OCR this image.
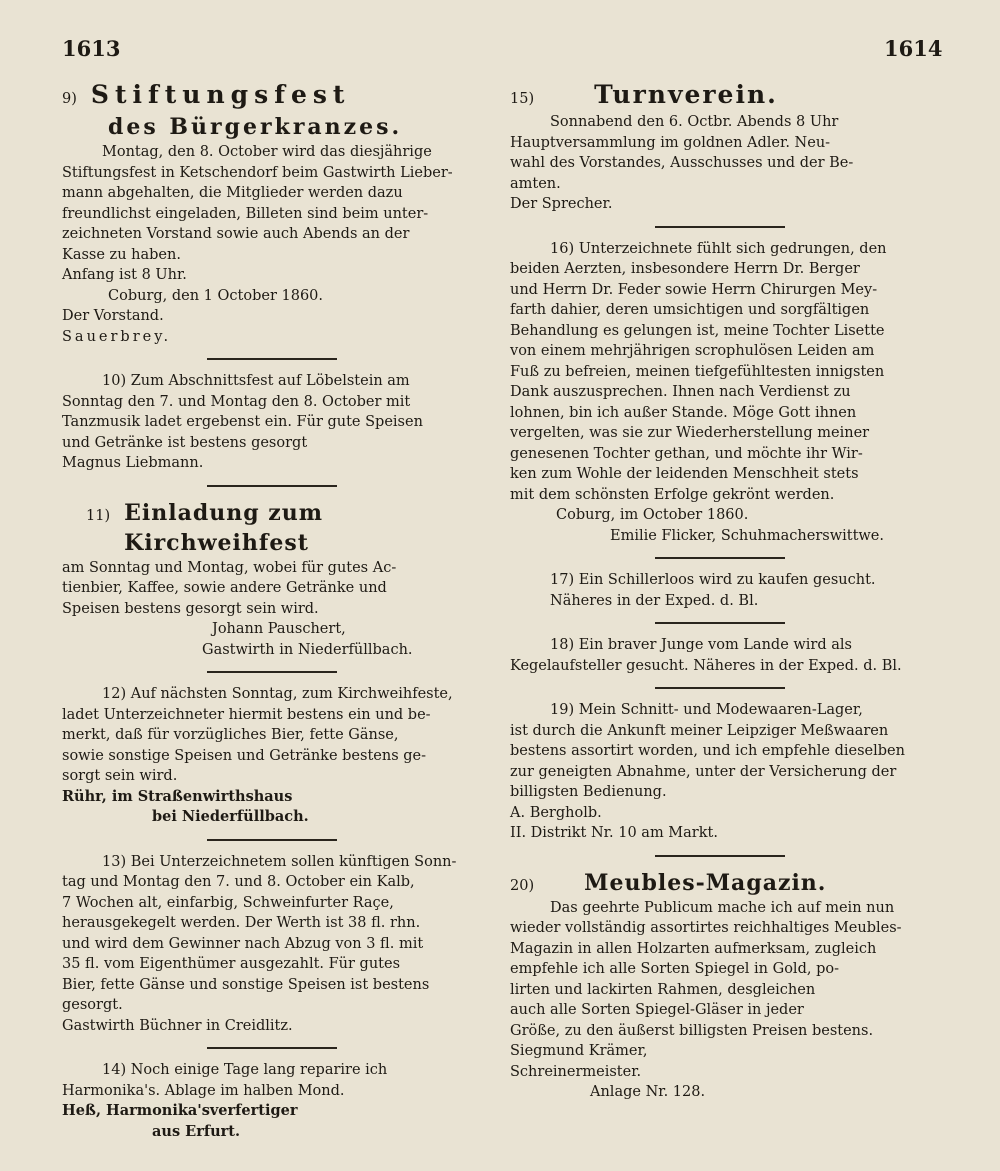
1613	1614
9) Stiftungsfest
des Bürgerkranzes.

Montag, den 8. October wird das diesjährige

Stiftungsfest in Ketschendorf beim Gastwirth Lieber-

mann abgehalten, die Mitglieder werden dazu

freundlichst eingeladen, Billeten sind beim unter-

zeichneten Vorstand sowie auch Abends an der

Kasse zu haben.

Anfang ist 8 Uhr.

Coburg, den 1 October 1860.

Der Vorstand.

Sauerbrey.

10) Zum Abschnittsfest auf Löbelstein am

Sonntag den 7. und Montag den 8. October mit

Tanzmusik ladet ergebenst ein. Für gute Speisen

und Getränke ist bestens gesorgt

Magnus Liebmann.

11) Einladung zum Kirchweihfest

am Sonntag und Montag, wobei für gutes Ac-

tienbier, Kaffee, sowie andere Getränke und

Speisen bestens gesorgt sein wird.

Johann Pauschert,

Gastwirth in Niederfüllbach.

12) Auf nächsten Sonntag, zum Kirchweihfeste,

ladet Unterzeichneter hiermit bestens ein und be-

merkt, daß für vorzügliches Bier, fette Gänse,

sowie sonstige Speisen und Getränke bestens ge-

sorgt sein wird.

Rühr, im Straßenwirthshaus

bei Niederfüllbach.

13) Bei Unterzeichnetem sollen künftigen Sonn-

tag und Montag den 7. und 8. October ein Kalb,

7 Wochen alt, einfarbig, Schweinfurter Raçe,

herausgekegelt werden. Der Werth ist 38 fl. rhn.

und wird dem Gewinner nach Abzug von 3 fl. mit

35 fl. vom Eigenthümer ausgezahlt. Für gutes

Bier, fette Gänse und sonstige Speisen ist bestens

gesorgt.

Gastwirth Büchner in Creidlitz.

14) Noch einige Tage lang reparire ich

Harmonika's. Ablage im halben Mond.

Heß, Harmonika'sverfertiger

aus Erfurt.

15) Turnverein.

Sonnabend den 6. Octbr. Abends 8 Uhr

Hauptversammlung im goldnen Adler. Neu-

wahl des Vorstandes, Ausschusses und der Be-

amten.

Der Sprecher.

16) Unterzeichnete fühlt sich gedrungen, den

beiden Aerzten, insbesondere Herrn Dr. Berger

und Herrn Dr. Feder sowie Herrn Chirurgen Mey-

farth dahier, deren umsichtigen und sorgfältigen

Behandlung es gelungen ist, meine Tochter Lisette

von einem mehrjährigen scrophulösen Leiden am

Fuß zu befreien, meinen tiefgefühltesten innigsten

Dank auszusprechen. Ihnen nach Verdienst zu

lohnen, bin ich außer Stande. Möge Gott ihnen

vergelten, was sie zur Wiederherstellung meiner

genesenen Tochter gethan, und möchte ihr Wir-

ken zum Wohle der leidenden Menschheit stets

mit dem schönsten Erfolge gekrönt werden.

Coburg, im October 1860.

Emilie Flicker, Schuhmacherswittwe.

17) Ein Schillerloos wird zu kaufen gesucht.

Näheres in der Exped. d. Bl.

18) Ein braver Junge vom Lande wird als

Kegelaufsteller gesucht. Näheres in der Exped. d. Bl.

19) Mein Schnitt- und Modewaaren-Lager,

ist durch die Ankunft meiner Leipziger Meßwaaren

bestens assortirt worden, und ich empfehle dieselben

zur geneigten Abnahme, unter der Versicherung der

billigsten Bedienung.

A. Bergholb.

II. Distrikt Nr. 10 am Markt.

20) Meubles-Magazin.

Das geehrte Publicum mache ich auf mein nun

wieder vollständig assortirtes reichhaltiges Meubles-

Magazin in allen Holzarten aufmerksam, zugleich

empfehle ich alle Sorten Spiegel in Gold, po-

lirten und lackirten Rahmen, desgleichen

auch alle Sorten Spiegel-Gläser in jeder

Größe, zu den äußerst billigsten Preisen bestens.

Siegmund Krämer,

Schreinermeister.

Anlage Nr. 128.
